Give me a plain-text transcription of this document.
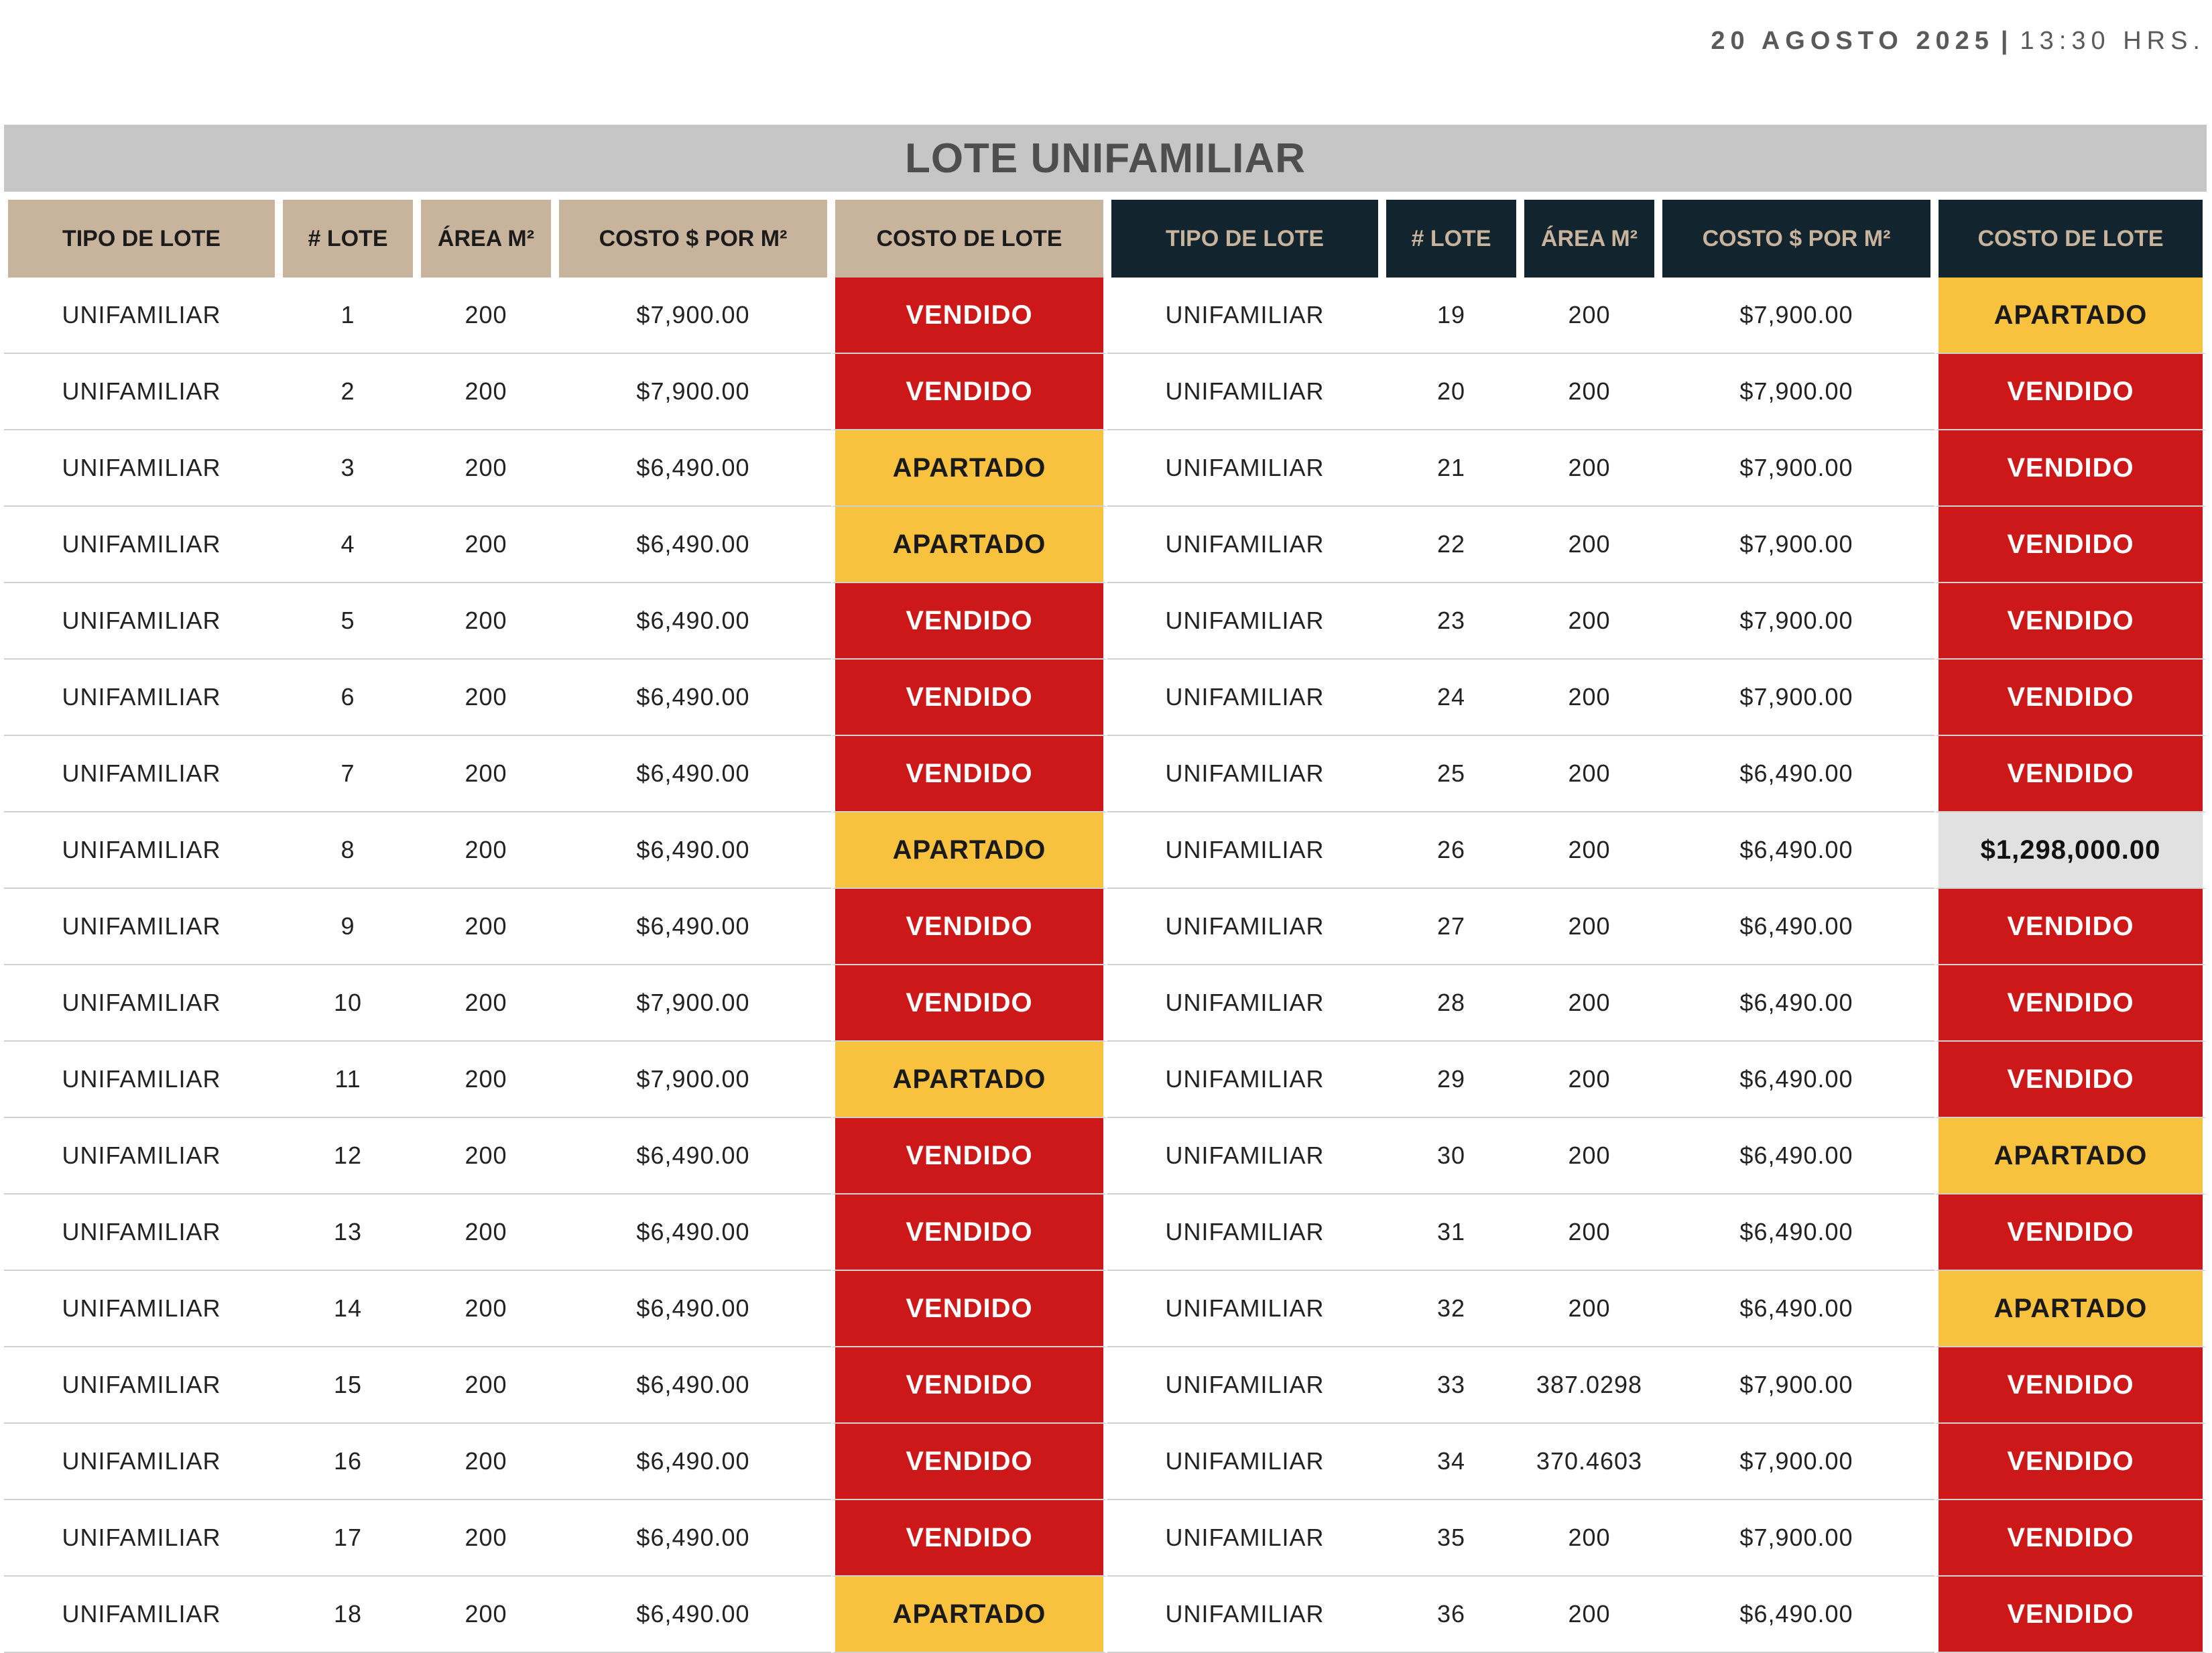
20 AGOSTO 2025 | 13:30 HRS.
LOTE UNIFAMILIAR
TIPO DE LOTE	# LOTE	ÁREA M²	COSTO $ POR M²	COSTO DE LOTE	TIPO DE LOTE	# LOTE	ÁREA M²	COSTO $ POR M²	COSTO DE LOTE
UNIFAMILIAR	1	200	$7,900.00	VENDIDO	UNIFAMILIAR	19	200	$7,900.00	APARTADO
UNIFAMILIAR	2	200	$7,900.00	VENDIDO	UNIFAMILIAR	20	200	$7,900.00	VENDIDO
UNIFAMILIAR	3	200	$6,490.00	APARTADO	UNIFAMILIAR	21	200	$7,900.00	VENDIDO
UNIFAMILIAR	4	200	$6,490.00	APARTADO	UNIFAMILIAR	22	200	$7,900.00	VENDIDO
UNIFAMILIAR	5	200	$6,490.00	VENDIDO	UNIFAMILIAR	23	200	$7,900.00	VENDIDO
UNIFAMILIAR	6	200	$6,490.00	VENDIDO	UNIFAMILIAR	24	200	$7,900.00	VENDIDO
UNIFAMILIAR	7	200	$6,490.00	VENDIDO	UNIFAMILIAR	25	200	$6,490.00	VENDIDO
UNIFAMILIAR	8	200	$6,490.00	APARTADO	UNIFAMILIAR	26	200	$6,490.00	$1,298,000.00
UNIFAMILIAR	9	200	$6,490.00	VENDIDO	UNIFAMILIAR	27	200	$6,490.00	VENDIDO
UNIFAMILIAR	10	200	$7,900.00	VENDIDO	UNIFAMILIAR	28	200	$6,490.00	VENDIDO
UNIFAMILIAR	11	200	$7,900.00	APARTADO	UNIFAMILIAR	29	200	$6,490.00	VENDIDO
UNIFAMILIAR	12	200	$6,490.00	VENDIDO	UNIFAMILIAR	30	200	$6,490.00	APARTADO
UNIFAMILIAR	13	200	$6,490.00	VENDIDO	UNIFAMILIAR	31	200	$6,490.00	VENDIDO
UNIFAMILIAR	14	200	$6,490.00	VENDIDO	UNIFAMILIAR	32	200	$6,490.00	APARTADO
UNIFAMILIAR	15	200	$6,490.00	VENDIDO	UNIFAMILIAR	33	387.0298	$7,900.00	VENDIDO
UNIFAMILIAR	16	200	$6,490.00	VENDIDO	UNIFAMILIAR	34	370.4603	$7,900.00	VENDIDO
UNIFAMILIAR	17	200	$6,490.00	VENDIDO	UNIFAMILIAR	35	200	$7,900.00	VENDIDO
UNIFAMILIAR	18	200	$6,490.00	APARTADO	UNIFAMILIAR	36	200	$6,490.00	VENDIDO
